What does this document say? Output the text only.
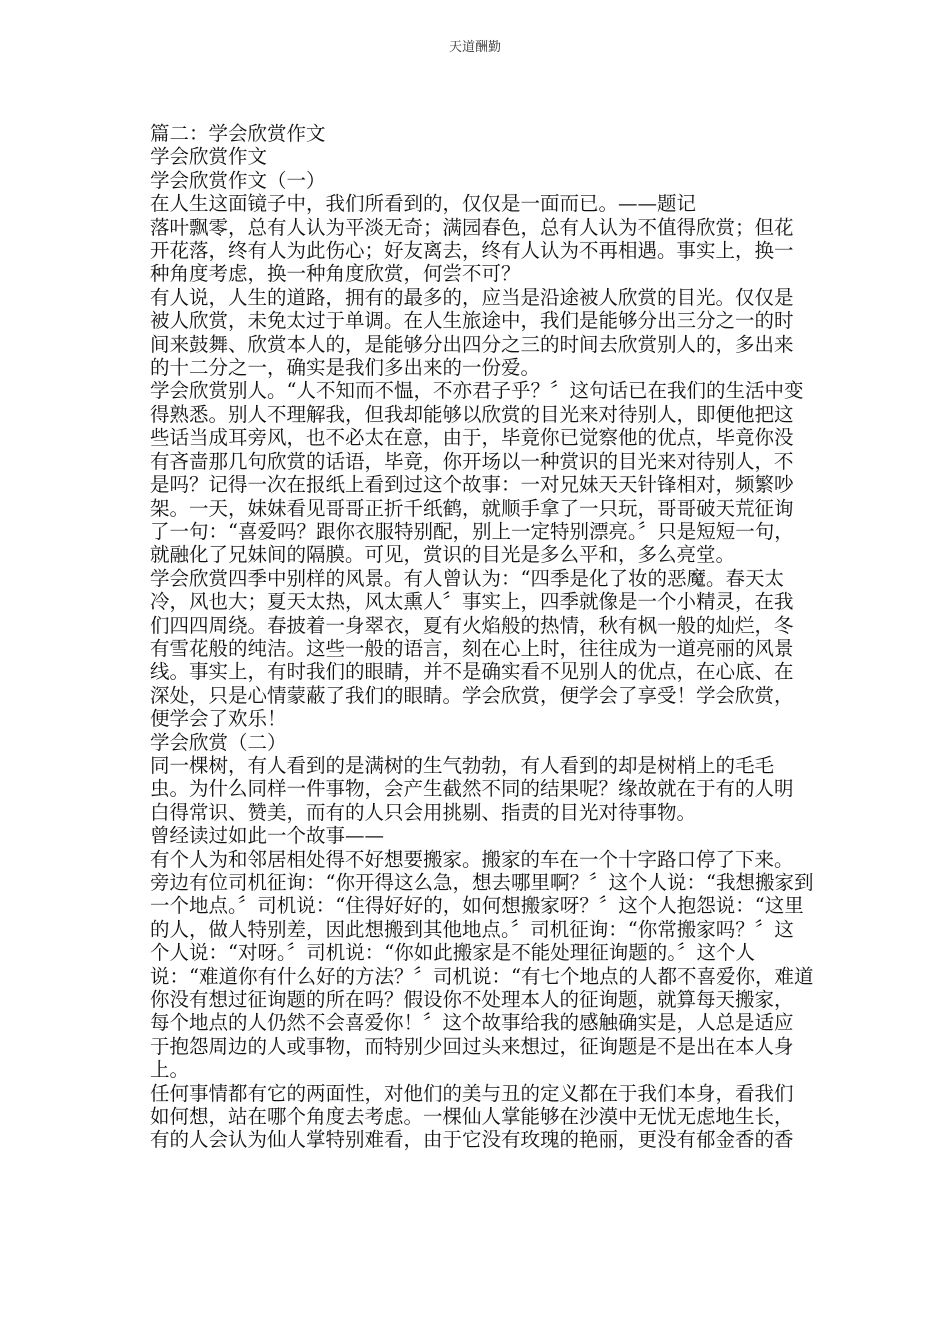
天道酬勤

篇二：学会欣赏作文

学会欣赏作文

学会欣赏作文（一）

在人生这面镜子中，我们所看到的，仅仅是一面而已。——题记

落叶飘零，总有人认为平淡无奇；满园春色，总有人认为不值得欣赏；但花

开花落，终有人为此伤心；好友离去，终有人认为不再相遇。事实上，换一

种角度考虑，换一种角度欣赏，何尝不可？

有人说，人生的道路，拥有的最多的，应当是沿途被人欣赏的目光。仅仅是

被人欣赏，未免太过于单调。在人生旅途中，我们是能够分出三分之一的时

间来鼓舞、欣赏本人的，是能够分出四分之三的时间去欣赏别人的，多出来

的十二分之一，确实是我们多出来的一份爱。

学会欣赏别人。“人不知而不愠，不亦君子乎？〞这句话已在我们的生活中变

得熟悉。别人不理解我，但我却能够以欣赏的目光来对待别人，即便他把这

些话当成耳旁风，也不必太在意，由于，毕竟你已觉察他的优点，毕竟你没

有吝啬那几句欣赏的话语，毕竟，你开场以一种赏识的目光来对待别人，不

是吗？记得一次在报纸上看到过这个故事：一对兄妹天天针锋相对，频繁吵

架。一天，妹妹看见哥哥正折千纸鹤，就顺手拿了一只玩，哥哥破天荒征询

了一句：“喜爱吗？跟你衣服特别配，别上一定特别漂亮。〞只是短短一句，

就融化了兄妹间的隔膜。可见，赏识的目光是多么平和，多么亮堂。

学会欣赏四季中别样的风景。有人曾认为：“四季是化了妆的恶魔。春天太

冷，风也大；夏天太热，风太熏人〞事实上，四季就像是一个小精灵，在我

们四四周绕。春披着一身翠衣，夏有火焰般的热情，秋有枫一般的灿烂，冬

有雪花般的纯洁。这些一般的语言，刻在心上时，往往成为一道亮丽的风景

线。事实上，有时我们的眼睛，并不是确实看不见别人的优点，在心底、在

深处，只是心情蒙蔽了我们的眼睛。学会欣赏，便学会了享受！学会欣赏，

便学会了欢乐！

学会欣赏（二）

同一棵树，有人看到的是满树的生气勃勃，有人看到的却是树梢上的毛毛

虫。为什么同样一件事物，会产生截然不同的结果呢？缘故就在于有的人明

白得常识、赞美，而有的人只会用挑剔、指责的目光对待事物。

曾经读过如此一个故事——

有个人为和邻居相处得不好想要搬家。搬家的车在一个十字路口停了下来。

旁边有位司机征询：“你开得这么急，想去哪里啊？〞这个人说：“我想搬家到

一个地点。〞司机说：“住得好好的，如何想搬家呀？〞这个人抱怨说：“这里

的人，做人特别差，因此想搬到其他地点。〞司机征询：“你常搬家吗？〞这

个人说：“对呀。〞司机说：“你如此搬家是不能处理征询题的。〞这个人

说：“难道你有什么好的方法？〞司机说：“有七个地点的人都不喜爱你，难道

你没有想过征询题的所在吗？假设你不处理本人的征询题，就算每天搬家，

每个地点的人仍然不会喜爱你！〞这个故事给我的感触确实是，人总是适应

于抱怨周边的人或事物，而特别少回过头来想过，征询题是不是出在本人身

上。

任何事情都有它的两面性，对他们的美与丑的定义都在于我们本身，看我们

如何想，站在哪个角度去考虑。一棵仙人掌能够在沙漠中无忧无虑地生长，

有的人会认为仙人掌特别难看，由于它没有玫瑰的艳丽，更没有郁金香的香
